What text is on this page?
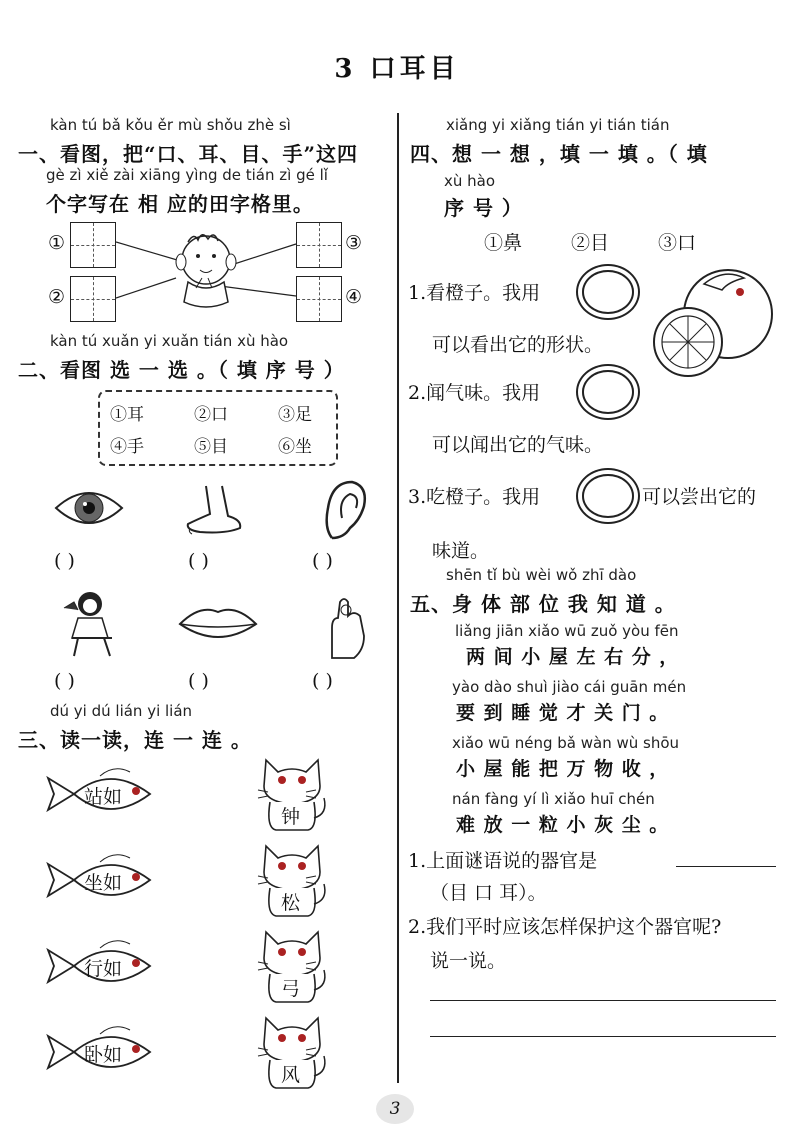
3 口耳目
kàn tú bǎ kǒu ěr mù shǒu zhè sì
一、看图，把“口、耳、目、手”这四
gè zì xiě zài xiāng yìng de tián zì gé lǐ
个字写在 相 应的田字格里。
①
②
③
④
kàn tú xuǎn yi xuǎn tián xù hào
二、看图 选 一 选 。（ 填 序 号 ）
①耳	②口	③足
④手	⑤目	⑥坐
( )	( )	( )
( )	( )	( )
dú yi dú lián yi lián
三、读一读，连 一 连 。
站如
坐如
行如
卧如
钟
松
弓
风
xiǎng yi xiǎng tián yi tián tián
四、想 一 想 ，填 一 填 。（ 填
xù hào
序 号 ）
①鼻	②目	③口
1.看橙子。我用
可以看出它的形状。
2.闻气味。我用
可以闻出它的气味。
3.吃橙子。我用	可以尝出它的
味道。
shēn tǐ bù wèi wǒ zhī dào
五、身 体 部 位 我 知 道 。
liǎng jiān xiǎo wū zuǒ yòu fēn
两 间 小 屋 左 右 分 ，
yào dào shuì jiào cái guān mén
要 到 睡 觉 才 关 门 。
xiǎo wū néng bǎ wàn wù shōu
小 屋 能 把 万 物 收 ，
nán fàng yí lì xiǎo huī chén
难 放 一 粒 小 灰 尘 。
1.上面谜语说的器官是
（目 口 耳）。
2.我们平时应该怎样保护这个器官呢?
说一说。
3
